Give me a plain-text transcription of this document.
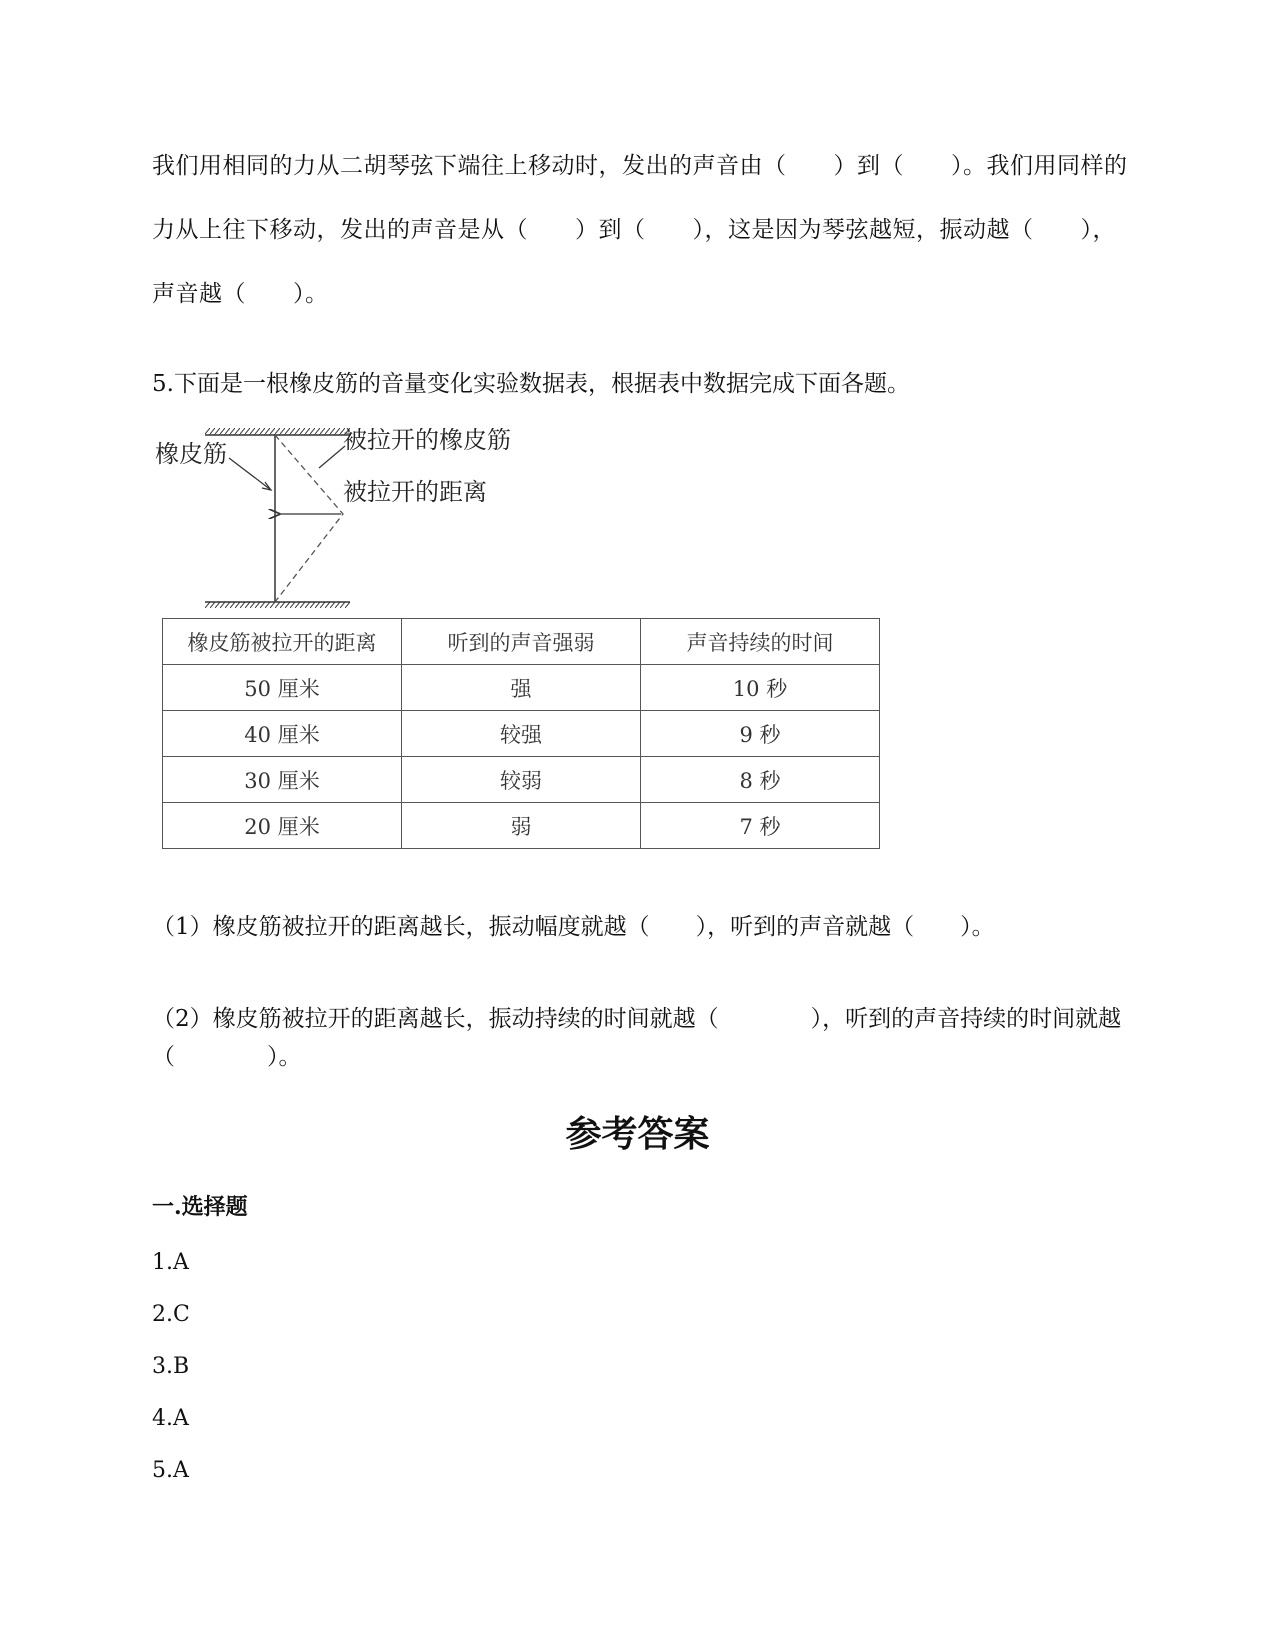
我们用相同的力从二胡琴弦下端往上移动时，发出的声音由（　　）到（　　）。我们用同样的力从上往下移动，发出的声音是从（　　）到（　　），这是因为琴弦越短，振动越（　　），声音越（　　）。

5.下面是一根橡皮筋的音量变化实验数据表，根据表中数据完成下面各题。

橡皮筋	被拉开的橡皮筋
被拉开的距离
橡皮筋被拉开的距离	听到的声音强弱	声音持续的时间
50 厘米	强	10 秒
40 厘米	较强	9 秒
30 厘米	较弱	8 秒
20 厘米	弱	7 秒

（1）橡皮筋被拉开的距离越长，振动幅度就越（　　），听到的声音就越（　　）。

（2）橡皮筋被拉开的距离越长，振动持续的时间就越（　　　　），听到的声音持续的时间就越（　　　　）。

参考答案
一.选择题

1.A

2.C

3.B

4.A

5.A
